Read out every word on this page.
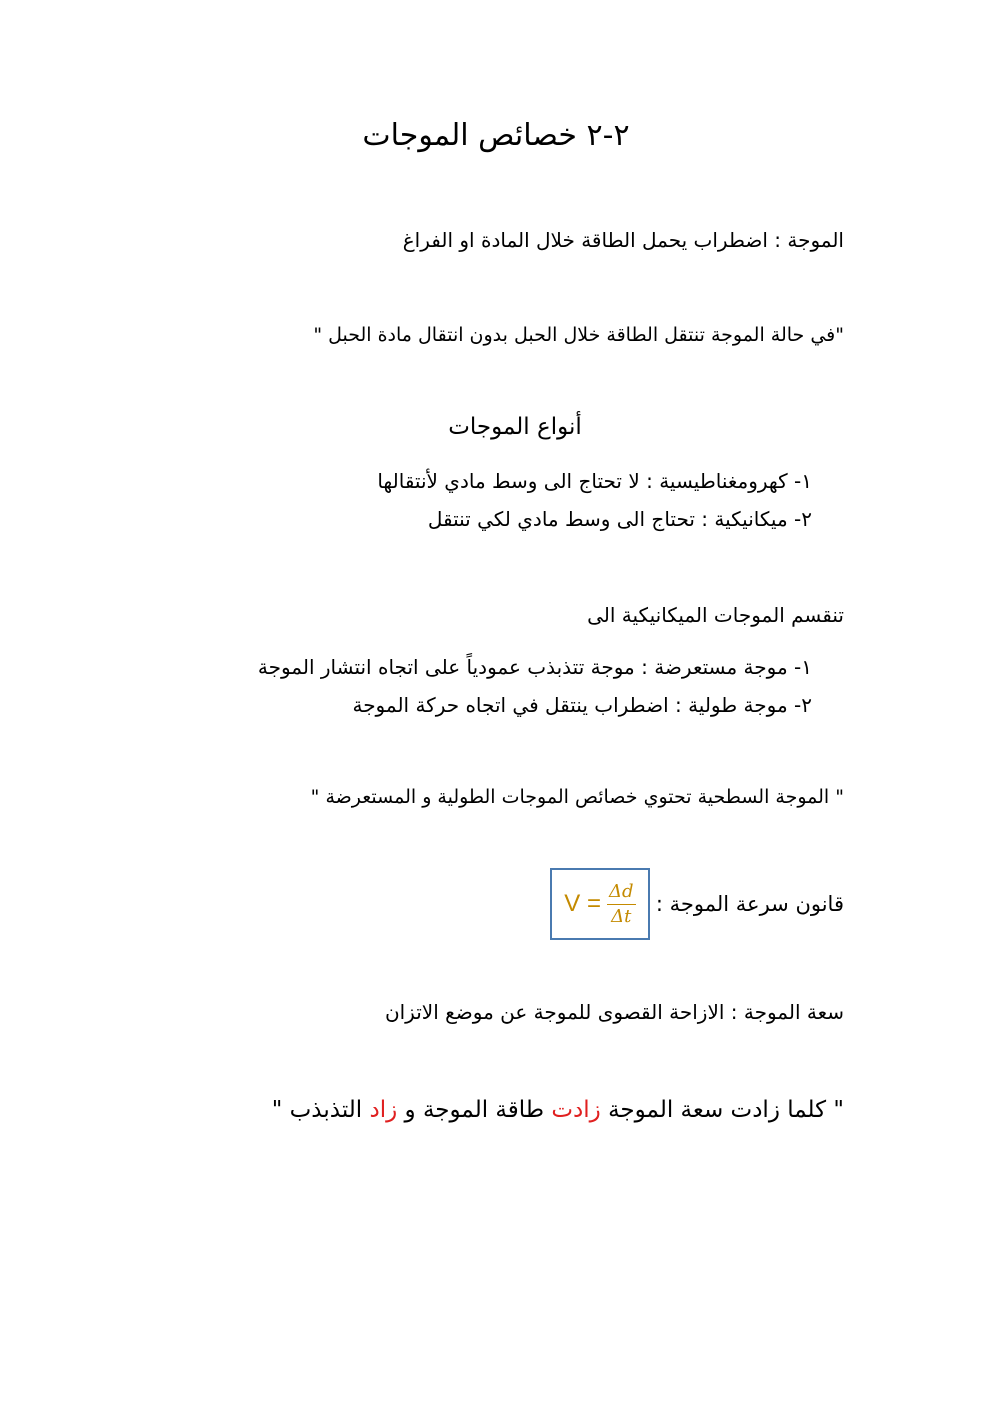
٢-٢ خصائص الموجات
الموجة : اضطراب يحمل الطاقة خلال المادة او الفراغ
"في حالة الموجة تنتقل الطاقة خلال الحبل بدون انتقال مادة الحبل "
أنواع الموجات
١- كهرومغناطيسية : لا تحتاج الى وسط مادي لأنتقالها
٢- ميكانيكية : تحتاج الى وسط مادي لكي تنتقل
تنقسم الموجات الميكانيكية الى
١- موجة مستعرضة : موجة تتذبذب عمودياً على اتجاه انتشار الموجة
٢- موجة طولية : اضطراب ينتقل في اتجاه حركة الموجة
" الموجة السطحية تحتوي خصائص الموجات الطولية و المستعرضة "
قانون سرعة الموجة :
$V = \frac{\Delta d}{\Delta t}$
سعة الموجة : الازاحة القصوى للموجة عن موضع الاتزان
" كلما زادت سعة الموجة زادت طاقة الموجة و زاد التذبذب "
